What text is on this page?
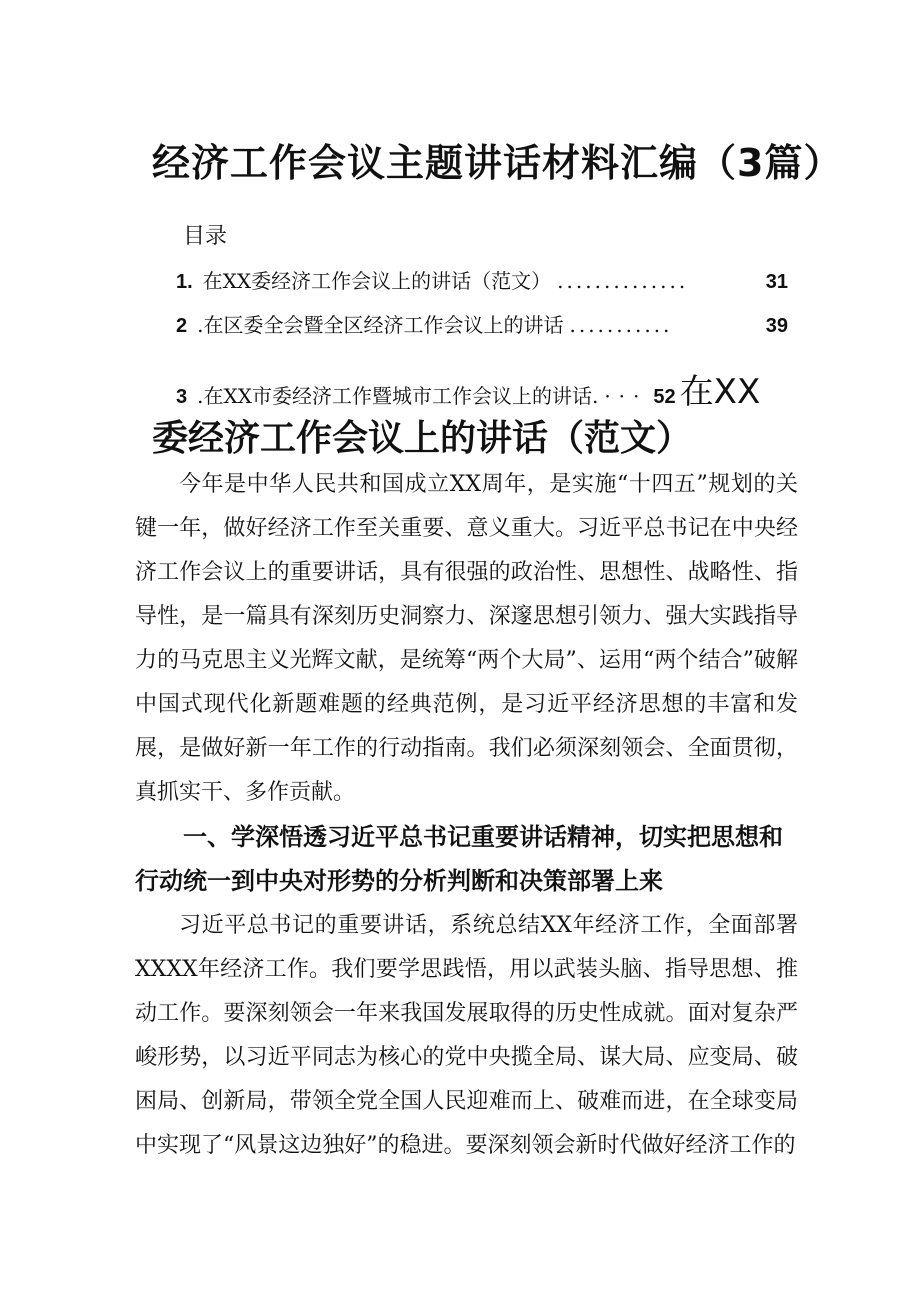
经济工作会议主题讲话材料汇编（3篇）
目录
1. 在XX委经济工作会议上的讲话（范文） ..............	31
2 .在区委全会暨全区经济工作会议上的讲话 ...........	39
3 .在XX市委经济工作暨城市工作会议上的讲话. ··· 52 在XX
委经济工作会议上的讲话（范文）
今年是中华人民共和国成立XX周年，是实施“十四五”规划的关键一年，做好经济工作至关重要、意义重大。习近平总书记在中央经济工作会议上的重要讲话，具有很强的政治性、思想性、战略性、指导性，是一篇具有深刻历史洞察力、深邃思想引领力、强大实践指导力的马克思主义光辉文献，是统筹“两个大局”、运用“两个结合”破解中国式现代化新题难题的经典范例，是习近平经济思想的丰富和发展，是做好新一年工作的行动指南。我们必须深刻领会、全面贯彻，真抓实干、多作贡献。
一、学深悟透习近平总书记重要讲话精神，切实把思想和行动统一到中央对形势的分析判断和决策部署上来
习近平总书记的重要讲话，系统总结XX年经济工作，全面部署XXXX年经济工作。我们要学思践悟，用以武装头脑、指导思想、推动工作。要深刻领会一年来我国发展取得的历史性成就。面对复杂严峻形势，以习近平同志为核心的党中央揽全局、谋大局、应变局、破困局、创新局，带领全党全国人民迎难而上、破难而进，在全球变局中实现了“风景这边独好”的稳进。要深刻领会新时代做好经济工作的
